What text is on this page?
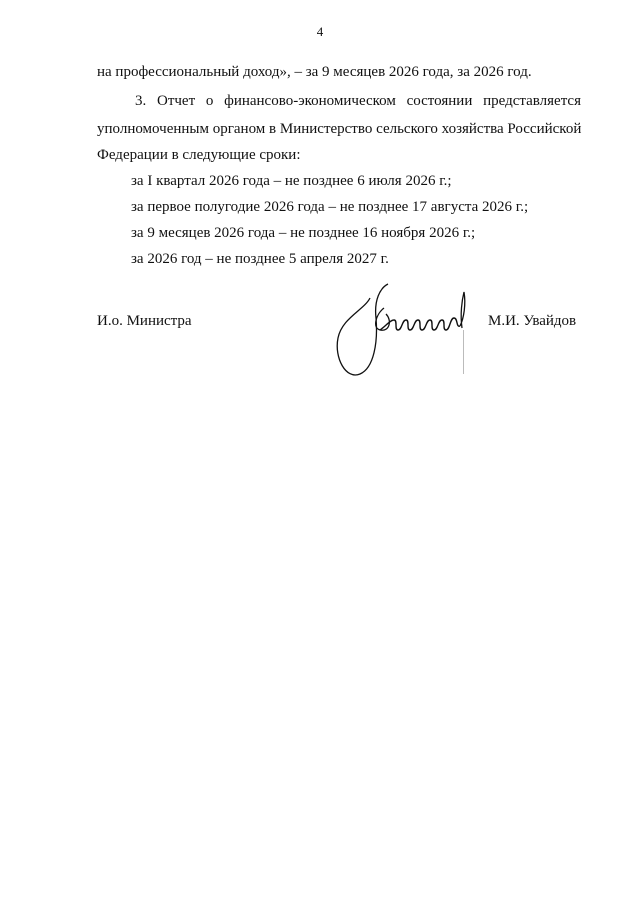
4
на профессиональный доход», – за 9 месяцев 2026 года, за 2026 год.
3. Отчет о финансово-экономическом состоянии представляется
уполномоченным органом в Министерство сельского хозяйства Российской
Федерации в следующие сроки:
за I квартал 2026 года – не позднее 6 июля 2026 г.;
за первое полугодие 2026 года – не позднее 17 августа 2026 г.;
за 9 месяцев 2026 года – не позднее 16 ноября 2026 г.;
за 2026 год – не позднее 5 апреля 2027 г.
И.о. Министра	М.И. Увайдов
